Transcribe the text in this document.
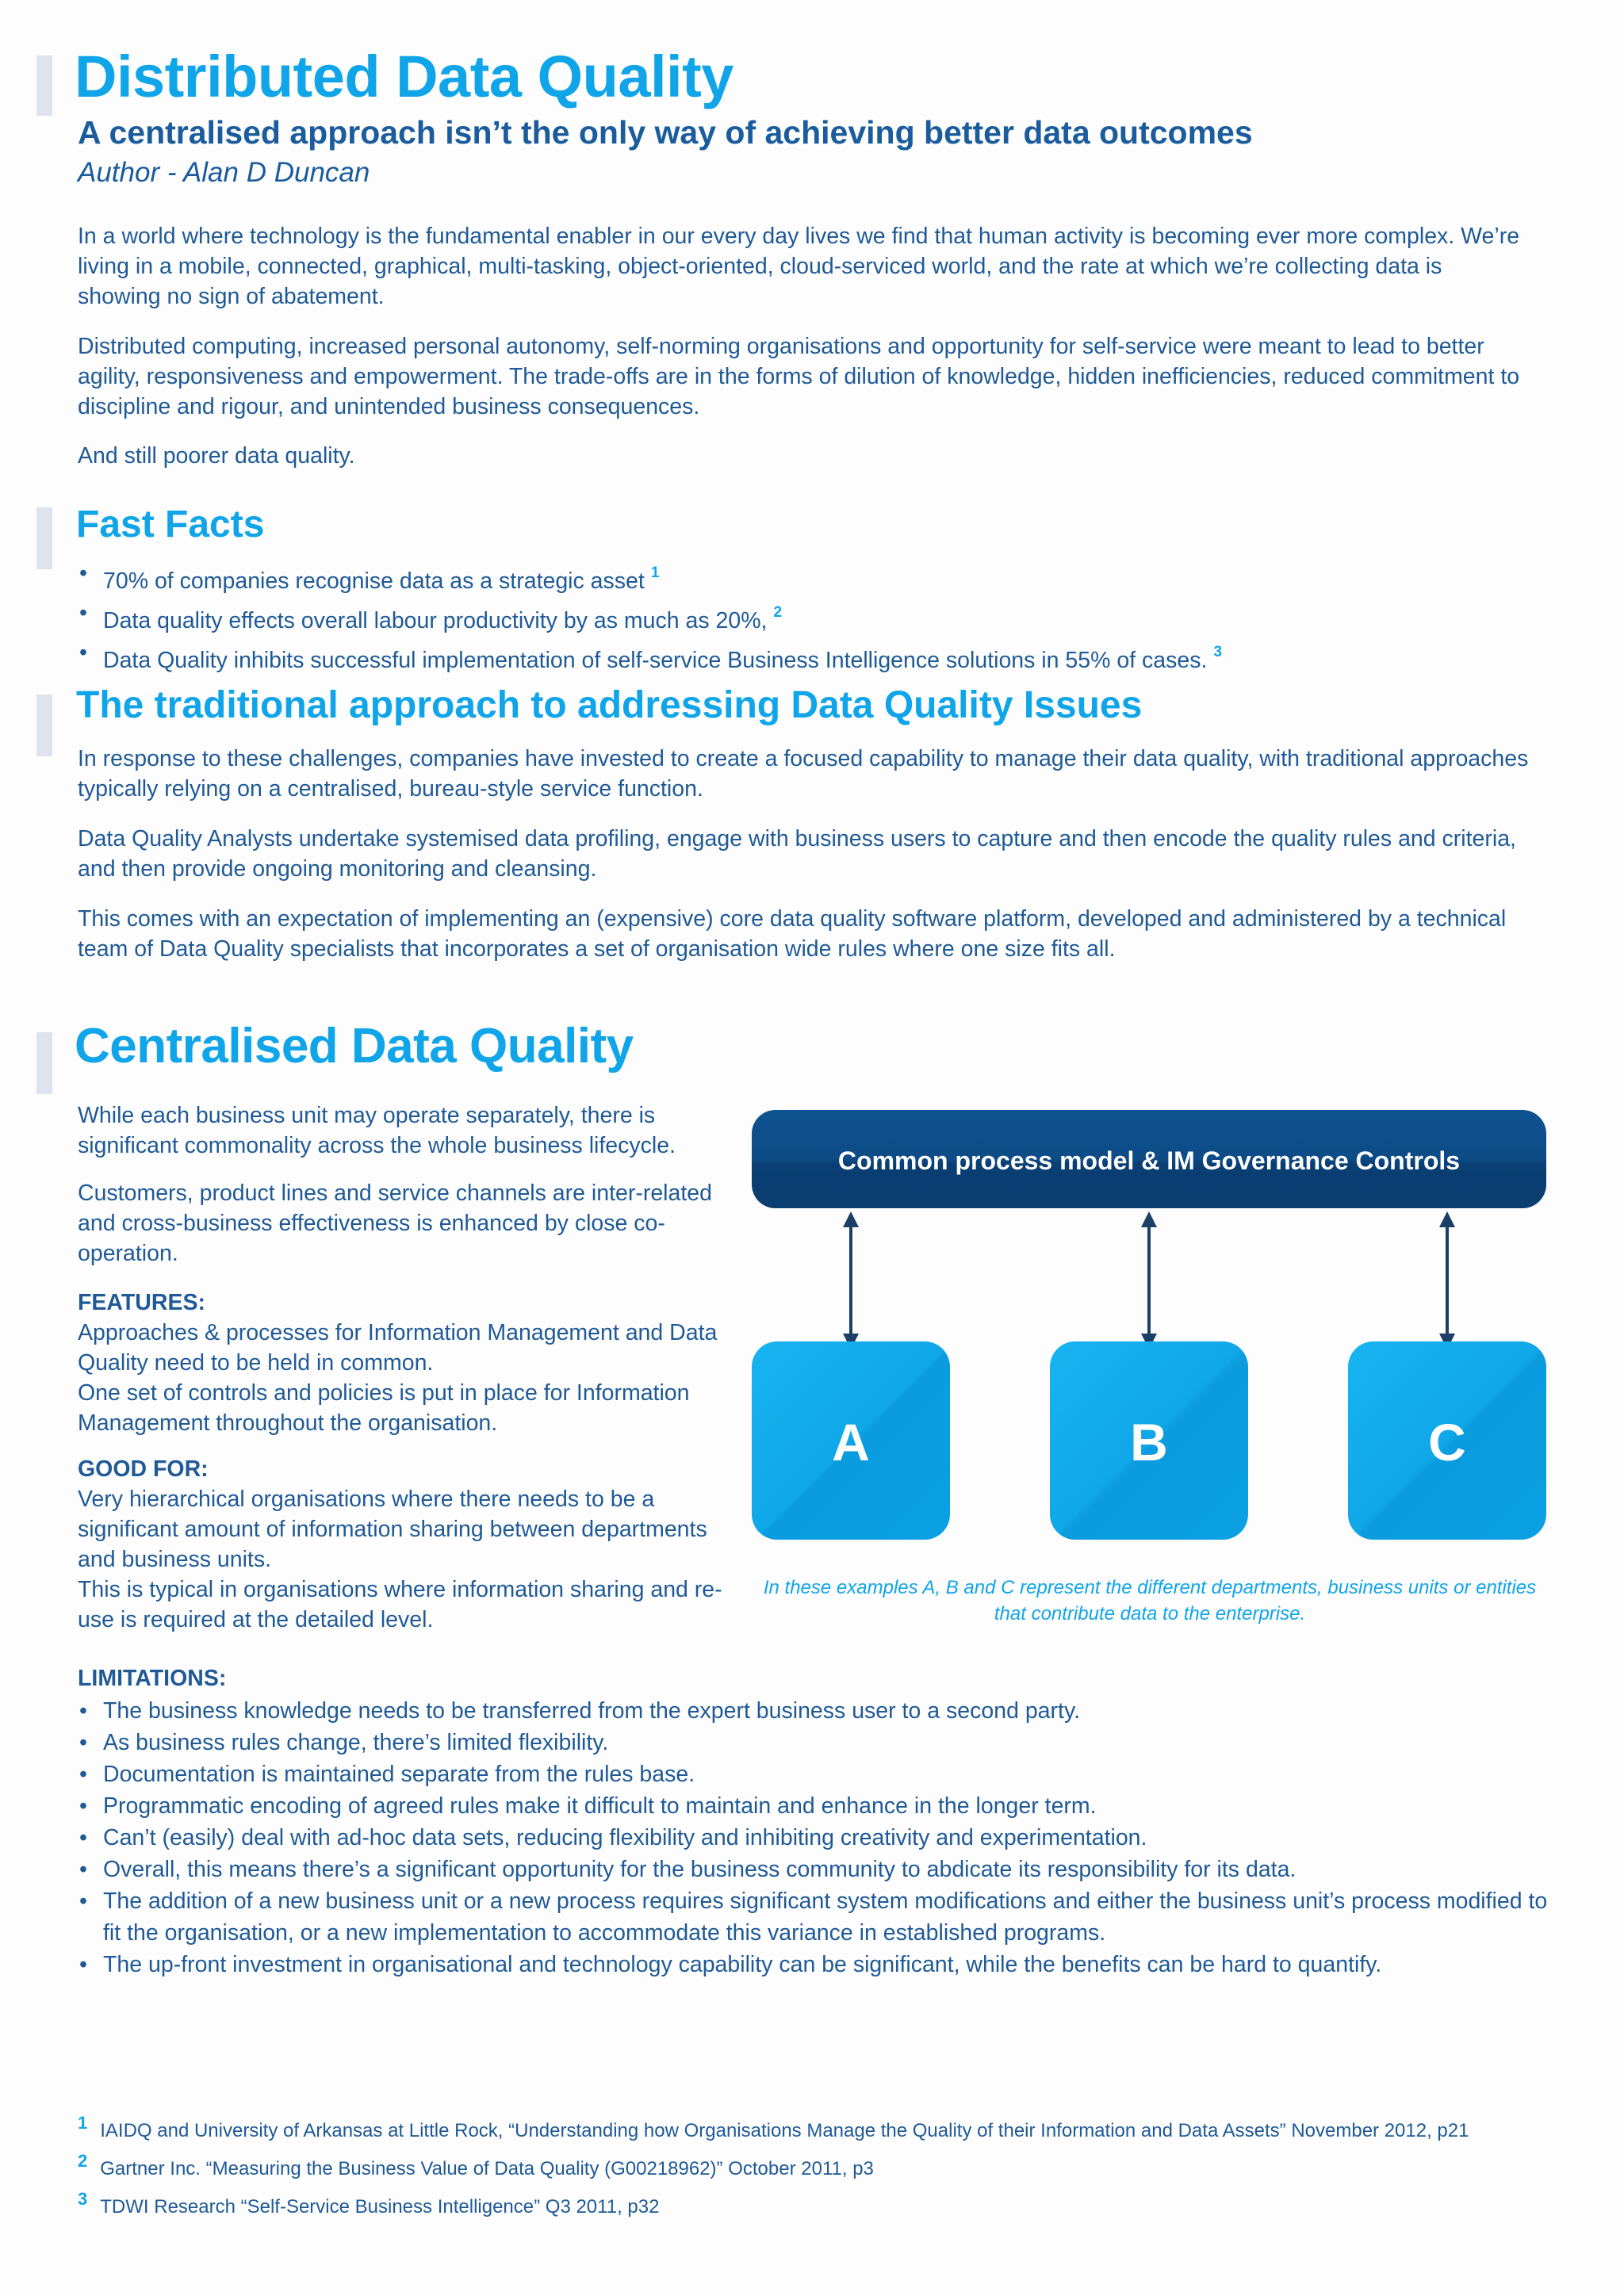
Distributed Data Quality
A centralised approach isn’t the only way of achieving better data outcomes

Author - Alan D Duncan

In a world where technology is the fundamental enabler in our every day lives we find that human activity is becoming ever more complex. We’re living in a mobile, connected, graphical, multi-tasking, object-oriented, cloud-serviced world, and the rate at which we’re collecting data is showing no sign of abatement.

Distributed computing, increased personal autonomy, self-norming organisations and opportunity for self-service were meant to lead to better agility, responsiveness and empowerment. The trade-offs are in the forms of dilution of knowledge, hidden inefficiencies, reduced commitment to discipline and rigour, and unintended business consequences.

And still poorer data quality.

Fast Facts
• 70% of companies recognise data as a strategic asset $^1$
• Data quality effects overall labour productivity by as much as 20%, $^2$
• Data Quality inhibits successful implementation of self-service Business Intelligence solutions in 55% of cases. $^3$
The traditional approach to addressing Data Quality Issues

In response to these challenges, companies have invested to create a focused capability to manage their data quality, with traditional approaches typically relying on a centralised, bureau-style service function.

Data Quality Analysts undertake systemised data profiling, engage with business users to capture and then encode the quality rules and criteria, and then provide ongoing monitoring and cleansing.

This comes with an expectation of implementing an (expensive) core data quality software platform, developed and administered by a technical team of Data Quality specialists that incorporates a set of organisation wide rules where one size fits all.

Centralised Data Quality

While each business unit may operate separately, there is significant commonality across the whole business lifecycle.

Customers, product lines and service channels are inter-related and cross-business effectiveness is enhanced by close co-operation.

FEATURES:

Approaches & processes for Information Management and Data Quality need to be held in common.

One set of controls and policies is put in place for Information Management throughout the organisation.

GOOD FOR:

Very hierarchical organisations where there needs to be a significant amount of information sharing between departments and business units.

This is typical in organisations where information sharing and re-use is required at the detailed level.

Common process model & IM Governance Controls
A	B	C
In these examples A, B and C represent the different departments, business units or entities that contribute data to the enterprise.

LIMITATIONS:

• The business knowledge needs to be transferred from the expert business user to a second party.
• As business rules change, there’s limited flexibility.
• Documentation is maintained separate from the rules base.
• Programmatic encoding of agreed rules make it difficult to maintain and enhance in the longer term.
• Can’t (easily) deal with ad-hoc data sets, reducing flexibility and inhibiting creativity and experimentation.
• Overall, this means there’s a significant opportunity for the business community to abdicate its responsibility for its data.
• The addition of a new business unit or a new process requires significant system modifications and either the business unit’s process modified to fit the organisation, or a new implementation to accommodate this variance in established programs.
• The up-front investment in organisational and technology capability can be significant, while the benefits can be hard to quantify.
1 IAIDQ and University of Arkansas at Little Rock, “Understanding how Organisations Manage the Quality of their Information and Data Assets” November 2012, p21
2 Gartner Inc. “Measuring the Business Value of Data Quality (G00218962)” October 2011, p3
3 TDWI Research “Self-Service Business Intelligence” Q3 2011, p32
